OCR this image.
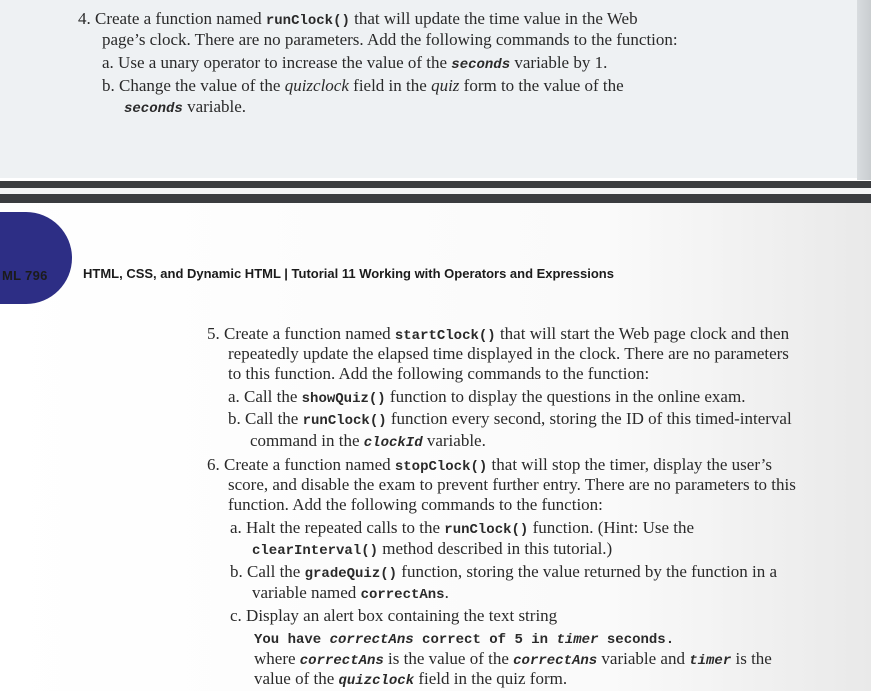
4. Create a function named runClock() that will update the time value in the Web
page’s clock. There are no parameters. Add the following commands to the function:
a. Use a unary operator to increase the value of the seconds variable by 1.
b. Change the value of the quizclock field in the quiz form to the value of the
seconds variable.
ML 796	HTML, CSS, and Dynamic HTML | Tutorial 11 Working with Operators and Expressions
5. Create a function named startClock() that will start the Web page clock and then
repeatedly update the elapsed time displayed in the clock. There are no parameters
to this function. Add the following commands to the function:
a. Call the showQuiz() function to display the questions in the online exam.
b. Call the runClock() function every second, storing the ID of this timed-interval
command in the clockId variable.
6. Create a function named stopClock() that will stop the timer, display the user’s
score, and disable the exam to prevent further entry. There are no parameters to this
function. Add the following commands to the function:
a. Halt the repeated calls to the runClock() function. (Hint: Use the
clearInterval() method described in this tutorial.)
b. Call the gradeQuiz() function, storing the value returned by the function in a
variable named correctAns.
c. Display an alert box containing the text string
You have correctAns correct of 5 in timer seconds.
where correctAns is the value of the correctAns variable and timer is the
value of the quizclock field in the quiz form.
